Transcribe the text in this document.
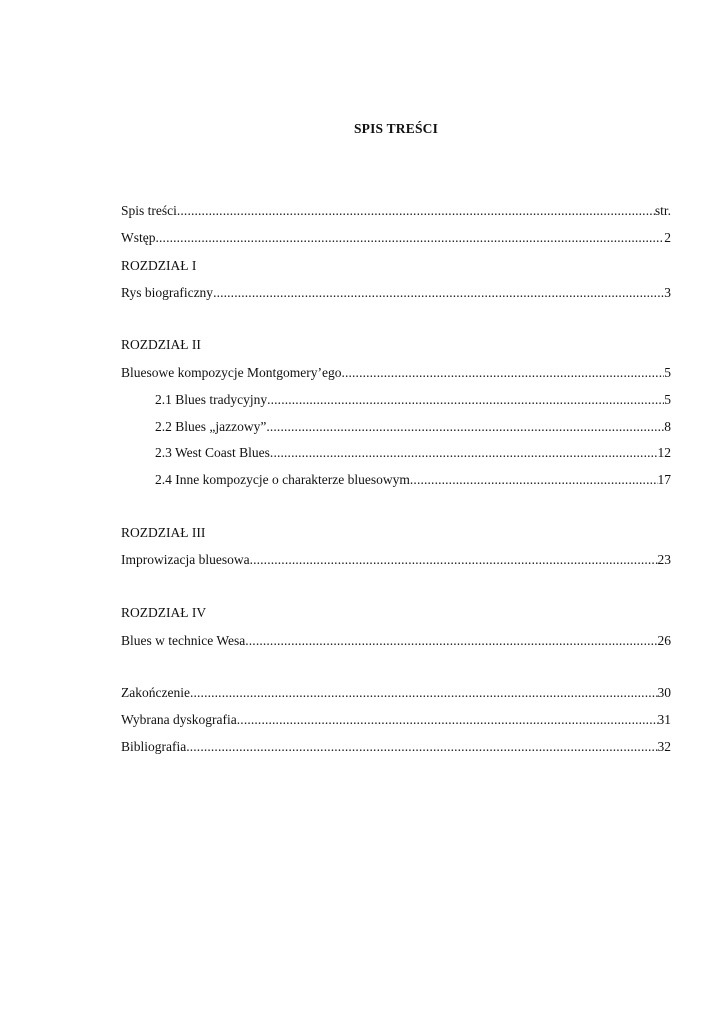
SPIS TREŚCI
Spis treści .....	str.
Wstęp .....	2
ROZDZIAŁ I
Rys biograficzny .....	3
ROZDZIAŁ II
Bluesowe kompozycje Montgomery’ego .....	5
2.1 Blues tradycyjny .....	5
2.2 Blues „jazzowy” .....	8
2.3 West Coast Blues .....	12
2.4 Inne kompozycje o charakterze bluesowym .....	17
ROZDZIAŁ III
Improwizacja bluesowa .....	23
ROZDZIAŁ IV
Blues w technice Wesa .....	26
Zakończenie .....	30
Wybrana dyskografia .....	31
Bibliografia .....	32
